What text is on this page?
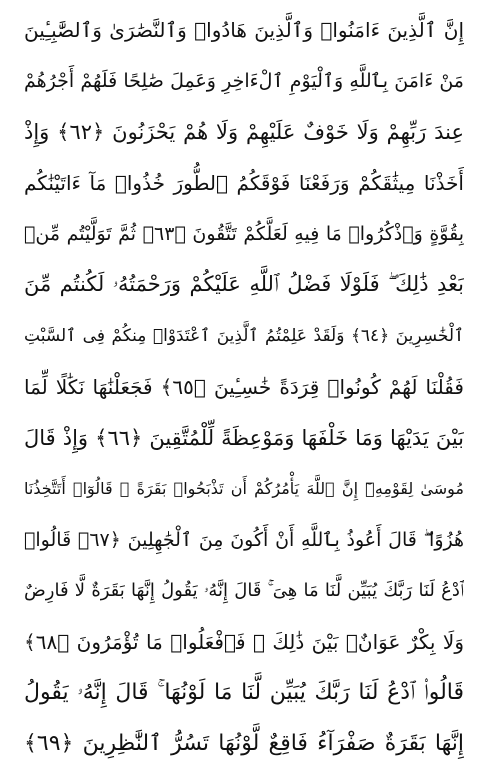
إِنَّ ٱلَّذِينَ ءَامَنُوا۟ وَٱلَّذِينَ هَادُوا۟ وَٱلنَّصَٰرَىٰ وَٱلصَّٰبِـِٔينَ
مَنْ ءَامَنَ بِٱللَّهِ وَٱلْيَوْمِ ٱلْءَاخِرِ وَعَمِلَ صَٰلِحًا فَلَهُمْ أَجْرُهُمْ
عِندَ رَبِّهِمْ وَلَا خَوْفٌ عَلَيْهِمْ وَلَا هُمْ يَحْزَنُونَ ﴿٦٢﴾ وَإِذْ
أَخَذْنَا مِيثَٰقَكُمْ وَرَفَعْنَا فَوْقَكُمُ ٱلطُّورَ خُذُوا۟ مَآ ءَاتَيْنَٰكُم
بِقُوَّةٍ وَٱذْكُرُوا۟ مَا فِيهِ لَعَلَّكُمْ تَتَّقُونَ ﴿٦٣﴾ ثُمَّ تَوَلَّيْتُم مِّنۢ
بَعْدِ ذَٰلِكَ ۖ فَلَوْلَا فَضْلُ ٱللَّهِ عَلَيْكُمْ وَرَحْمَتُهُۥ لَكُنتُم مِّنَ
ٱلْخَٰسِرِينَ ﴿٦٤﴾ وَلَقَدْ عَلِمْتُمُ ٱلَّذِينَ ٱعْتَدَوْا۟ مِنكُمْ فِى ٱلسَّبْتِ
فَقُلْنَا لَهُمْ كُونُوا۟ قِرَدَةً خَٰسِـِٔينَ ﴿٦٥﴾ فَجَعَلْنَٰهَا نَكَٰلًا لِّمَا
بَيْنَ يَدَيْهَا وَمَا خَلْفَهَا وَمَوْعِظَةً لِّلْمُتَّقِينَ ﴿٦٦﴾ وَإِذْ قَالَ
مُوسَىٰ لِقَوْمِهِۦٓ إِنَّ ٱللَّهَ يَأْمُرُكُمْ أَن تَذْبَحُوا۟ بَقَرَةً ۖ قَالُوٓا۟ أَتَتَّخِذُنَا
هُزُوًا ۖ قَالَ أَعُوذُ بِٱللَّهِ أَنْ أَكُونَ مِنَ ٱلْجَٰهِلِينَ ﴿٦٧﴾ قَالُوا۟
ٱدْعُ لَنَا رَبَّكَ يُبَيِّن لَّنَا مَا هِىَ ۚ قَالَ إِنَّهُۥ يَقُولُ إِنَّهَا بَقَرَةٌ لَّا فَارِضٌ
وَلَا بِكْرٌ عَوَانٌۢ بَيْنَ ذَٰلِكَ ۖ فَٱفْعَلُوا۟ مَا تُؤْمَرُونَ ﴿٦٨﴾
قَالُوا۟ ٱدْعُ لَنَا رَبَّكَ يُبَيِّن لَّنَا مَا لَوْنُهَا ۚ قَالَ إِنَّهُۥ يَقُولُ
إِنَّهَا بَقَرَةٌ صَفْرَآءُ فَاقِعٌ لَّوْنُهَا تَسُرُّ ٱلنَّٰظِرِينَ ﴿٦٩﴾
